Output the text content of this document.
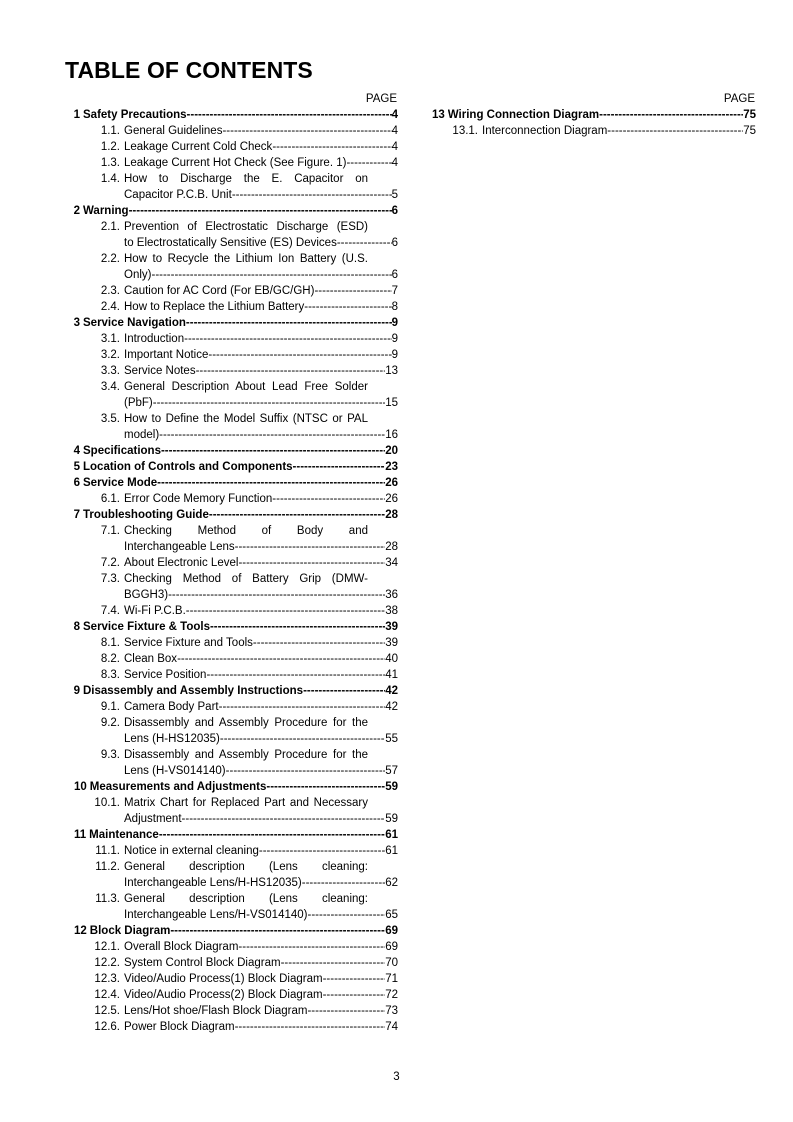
TABLE OF CONTENTS
PAGE
1 Safety Precautions -----	4
1.1. General Guidelines -----	4
1.2. Leakage Current Cold Check -----	4
1.3. Leakage Current Hot Check (See Figure. 1) -----	4
1.4. How to Discharge the E. Capacitor on
Capacitor P.C.B. Unit -----	5
2 Warning -----	6
2.1. Prevention of Electrostatic Discharge (ESD)
to Electrostatically Sensitive (ES) Devices -----	6
2.2. How to Recycle the Lithium Ion Battery (U.S.
Only) -----	6
2.3. Caution for AC Cord (For EB/GC/GH) -----	7
2.4. How to Replace the Lithium Battery -----	8
3 Service Navigation -----	9
3.1. Introduction -----	9
3.2. Important Notice -----	9
3.3. Service Notes -----	13
3.4. General Description About Lead Free Solder
(PbF) -----	15
3.5. How to Define the Model Suffix (NTSC or PAL
model) -----	16
4 Specifications -----	20
5 Location of Controls and Components -----	23
6 Service Mode -----	26
6.1. Error Code Memory Function -----	26
7 Troubleshooting Guide -----	28
7.1. Checking Method of Body and
Interchangeable Lens -----	28
7.2. About Electronic Level -----	34
7.3. Checking Method of Battery Grip (DMW-
BGGH3) -----	36
7.4. Wi-Fi P.C.B. -----	38
8 Service Fixture & Tools -----	39
8.1. Service Fixture and Tools -----	39
8.2. Clean Box -----	40
8.3. Service Position -----	41
9 Disassembly and Assembly Instructions -----	42
9.1. Camera Body Part -----	42
9.2. Disassembly and Assembly Procedure for the
Lens (H-HS12035) -----	55
9.3. Disassembly and Assembly Procedure for the
Lens (H-VS014140) -----	57
10 Measurements and Adjustments -----	59
10.1. Matrix Chart for Replaced Part and Necessary
Adjustment -----	59
11 Maintenance -----	61
11.1. Notice in external cleaning -----	61
11.2. General description (Lens cleaning:
Interchangeable Lens/H-HS12035) -----	62
11.3. General description (Lens cleaning:
Interchangeable Lens/H-VS014140) -----	65
12 Block Diagram -----	69
12.1. Overall Block Diagram -----	69
12.2. System Control Block Diagram -----	70
12.3. Video/Audio Process(1) Block Diagram -----	71
12.4. Video/Audio Process(2) Block Diagram -----	72
12.5. Lens/Hot shoe/Flash Block Diagram -----	73
12.6. Power Block Diagram -----	74
PAGE
13 Wiring Connection Diagram -----	75
13.1. Interconnection Diagram -----	75
3
